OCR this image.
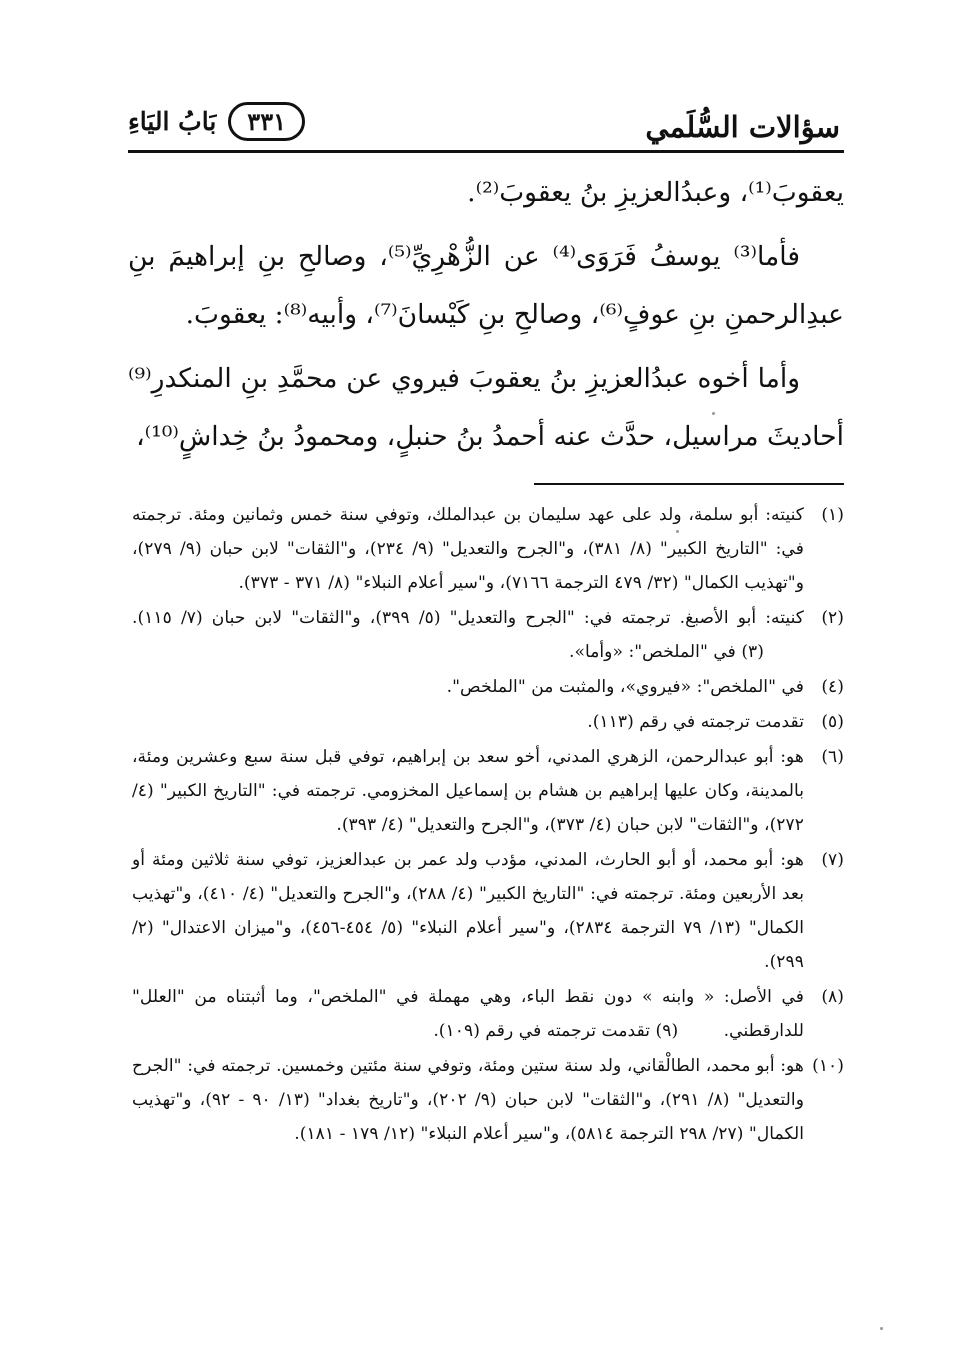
سؤالات السُّلَمي
بَابُ اليَاءِ	٣٣١

يعقوبَ⁽¹⁾، وعبدُالعزيزِ بنُ يعقوبَ⁽²⁾.

فأما⁽³⁾ يوسفُ فَرَوَى⁽⁴⁾ عن الزُّهْرِيِّ⁽⁵⁾، وصالحِ بنِ إبراهيمَ بنِ عبدِالرحمنِ بنِ عوفٍ⁽⁶⁾، وصالحِ بنِ كَيْسانَ⁽⁷⁾، وأبيه⁽⁸⁾: يعقوبَ.

وأما أخوه عبدُالعزيزِ بنُ يعقوبَ فيروي عن محمَّدِ بنِ المنكدرِ⁽⁹⁾ أحاديثَ مراسيل، حدَّث عنه أحمدُ بنُ حنبلٍ، ومحمودُ بنُ خِداشٍ⁽¹⁰⁾،

(١)
كنيته: أبو سلمة، ولد على عهد سليمان بن عبدالملك، وتوفي سنة خمس وثمانين ومئة. ترجمته في: "التاريخ الكبير" (٨/ ٣٨١)، و"الجرح والتعديل" (٩/ ٢٣٤)، و"الثقات" لابن حبان (٩/ ٢٧٩)، و"تهذيب الكمال" (٣٢/ ٤٧٩ الترجمة ٧١٦٦)، و"سير أعلام النبلاء" (٨/ ٣٧١ - ٣٧٣).
(٢)
كنيته: أبو الأصبغ. ترجمته في: "الجرح والتعديل" (٥/ ٣٩٩)، و"الثقات" لابن حبان (٧/ ١١٥). (٣) في "الملخص": «وأما».
(٤)
في "الملخص": «فيروي»، والمثبت من "الملخص".
(٥)
تقدمت ترجمته في رقم (١١٣).
(٦)
هو: أبو عبدالرحمن، الزهري المدني، أخو سعد بن إبراهيم، توفي قبل سنة سبع وعشرين ومئة، بالمدينة، وكان عليها إبراهيم بن هشام بن إسماعيل المخزومي. ترجمته في: "التاريخ الكبير" (٤/ ٢٧٢)، و"الثقات" لابن حبان (٤/ ٣٧٣)، و"الجرح والتعديل" (٤/ ٣٩٣).
(٧)
هو: أبو محمد، أو أبو الحارث، المدني، مؤدب ولد عمر بن عبدالعزيز، توفي سنة ثلاثين ومئة أو بعد الأربعين ومئة. ترجمته في: "التاريخ الكبير" (٤/ ٢٨٨)، و"الجرح والتعديل" (٤/ ٤١٠)، و"تهذيب الكمال" (١٣/ ٧٩ الترجمة ٢٨٣٤)، و"سير أعلام النبلاء" (٥/ ٤٥٤-٤٥٦)، و"ميزان الاعتدال" (٢/ ٢٩٩).
(٨)
في الأصل: « وابنه » دون نقط الباء، وهي مهملة في "الملخص"، وما أثبتناه من "العلل" للدارقطني. (٩) تقدمت ترجمته في رقم (١٠٩).
(١٠)
هو: أبو محمد، الطالْقاني، ولد سنة ستين ومئة، وتوفي سنة مئتين وخمسين. ترجمته في: "الجرح والتعديل" (٨/ ٢٩١)، و"الثقات" لابن حبان (٩/ ٢٠٢)، و"تاريخ بغداد" (١٣/ ٩٠ - ٩٢)، و"تهذيب الكمال" (٢٧/ ٢٩٨ الترجمة ٥٨١٤)، و"سير أعلام النبلاء" (١٢/ ١٧٩ - ١٨١).
